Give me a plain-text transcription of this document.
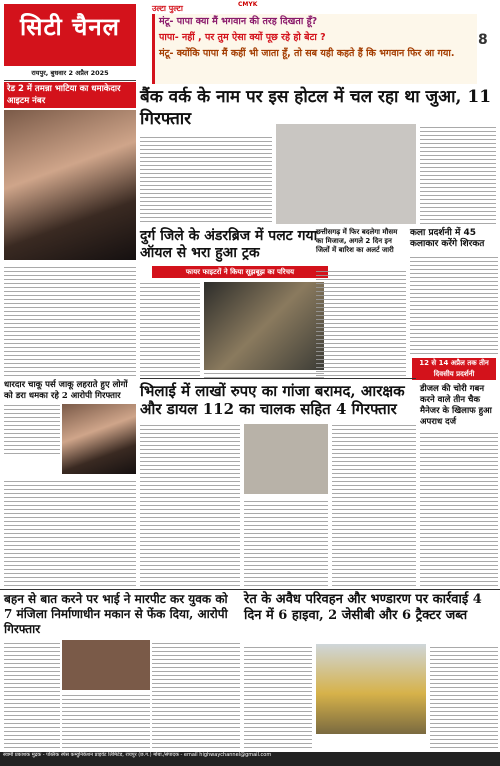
CMYK
सिटी चैनल
रायपुर, बुधवार 2 अप्रैल 2025
उल्टा पुल्टा

मंटू- पापा क्या मैं भगवान की तरह दिखता हूँ?

पापा- नहीं , पर तुम ऐसा क्यों पूछ रहे हो बेटा ?

मंटू- क्योंकि पापा मैं कहीं भी जाता हूँ, तो सब यही कहते हैं कि भगवान फिर आ गया.

8
रेड 2 में तमन्ना भाटिया का धमाकेदार आइटम नंबर	बैंक वर्क के नाम पर इस होटल में चल रहा था जुआ, 11 गिरफ्तार
दुर्ग जिले के अंडरब्रिज में पलट गया ऑयल से भरा हुआ ट्रक
फायर फाइटरों ने किया सूझबूझ का परिचय
छत्तीसगढ़ में फिर बदलेगा मौसम का मिजाज, अगले 2 दिन इन जिलों में बारिश का अलर्ट जारी
कला प्रदर्शनी में 45 कलाकार करेंगे शिरकत
12 से 14 अप्रैल तक तीन दिवसीय प्रदर्शनी
धारदार चाकू पर्स जाकू लहराते हुए लोगों को डरा धमका रहे 2 आरोपी गिरफ्तार	भिलाई में लाखों रुपए का गांजा बरामद, आरक्षक और डायल 112 का चालक सहित 4 गिरफ्तार
डीजल की चोरी गबन करने वाले तीन चैक मैनेजर के खिलाफ हुआ अपराध दर्ज
बहन से बात करने पर भाई ने मारपीट कर युवक को 7 मंजिला निर्माणाधीन मकान से फेंक दिया, आरोपी गिरफ्तार
रेत के अवैध परिवहन और भण्डारण पर कार्रवाई 4 दिन में 6 हाइवा, 2 जेसीबी और 6 ट्रैक्टर जब्त
स्वामी प्रकाशक मुद्रक - पब्लिक स्पेस कम्युनिकेशन प्राइवेट लिमिटेड, रायपुर (छ.ग.) मोबा./संपादक - email highwaychannel@gmail.com
